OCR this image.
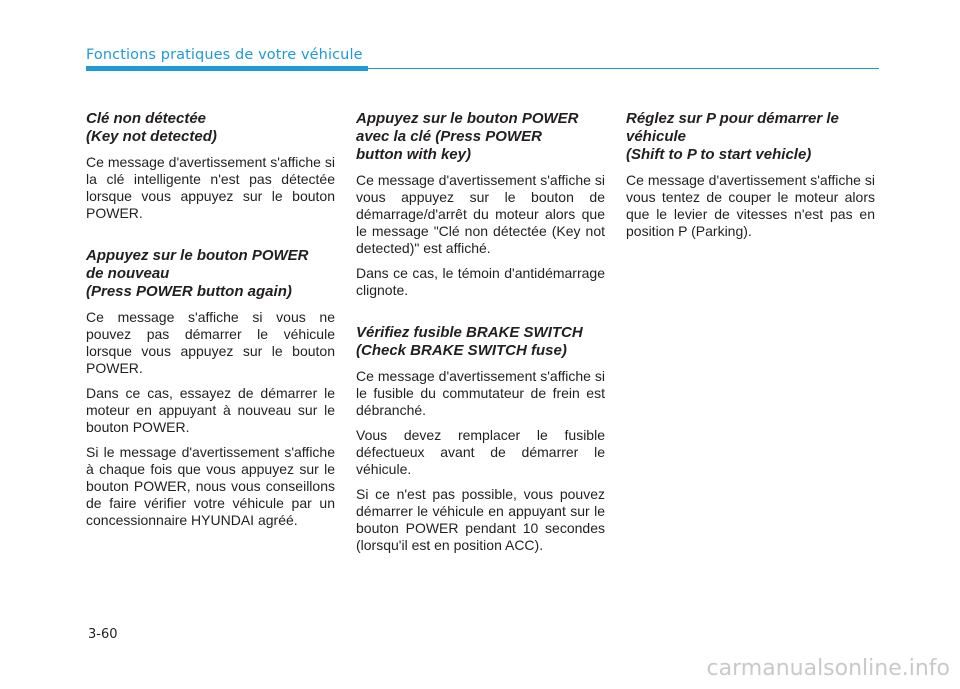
Fonctions pratiques de votre véhicule
Clé non détectée
(Key not detected)

Ce message d'avertissement s'affiche si la clé intelligente n'est pas détectée lorsque vous appuyez sur le bouton POWER.

Appuyez sur le bouton POWER
de nouveau
(Press POWER button again)

Ce message s'affiche si vous ne pouvez pas démarrer le véhicule lorsque vous appuyez sur le bouton POWER.

Dans ce cas, essayez de démarrer le moteur en appuyant à nouveau sur le bouton POWER.

Si le message d'avertissement s'affiche à chaque fois que vous appuyez sur le bouton POWER, nous vous conseillons de faire vérifier votre véhicule par un concessionnaire HYUNDAI agréé.

Appuyez sur le bouton POWER
avec la clé (Press POWER
button with key)

Ce message d'avertissement s'affiche si vous appuyez sur le bouton de démarrage/d'arrêt du moteur alors que le message "Clé non détectée (Key not detected)" est affiché.

Dans ce cas, le témoin d'antidémarrage clignote.

Vérifiez fusible BRAKE SWITCH
(Check BRAKE SWITCH fuse)

Ce message d'avertissement s'affiche si le fusible du commutateur de frein est débranché.

Vous devez remplacer le fusible défectueux avant de démarrer le véhicule.

Si ce n'est pas possible, vous pouvez démarrer le véhicule en appuyant sur le bouton POWER pendant 10 secondes (lorsqu'il est en position ACC).

Réglez sur P pour démarrer le
véhicule
(Shift to P to start vehicle)

Ce message d'avertissement s'affiche si vous tentez de couper le moteur alors que le levier de vitesses n'est pas en position P (Parking).

3-60
carmanualsonline.info
